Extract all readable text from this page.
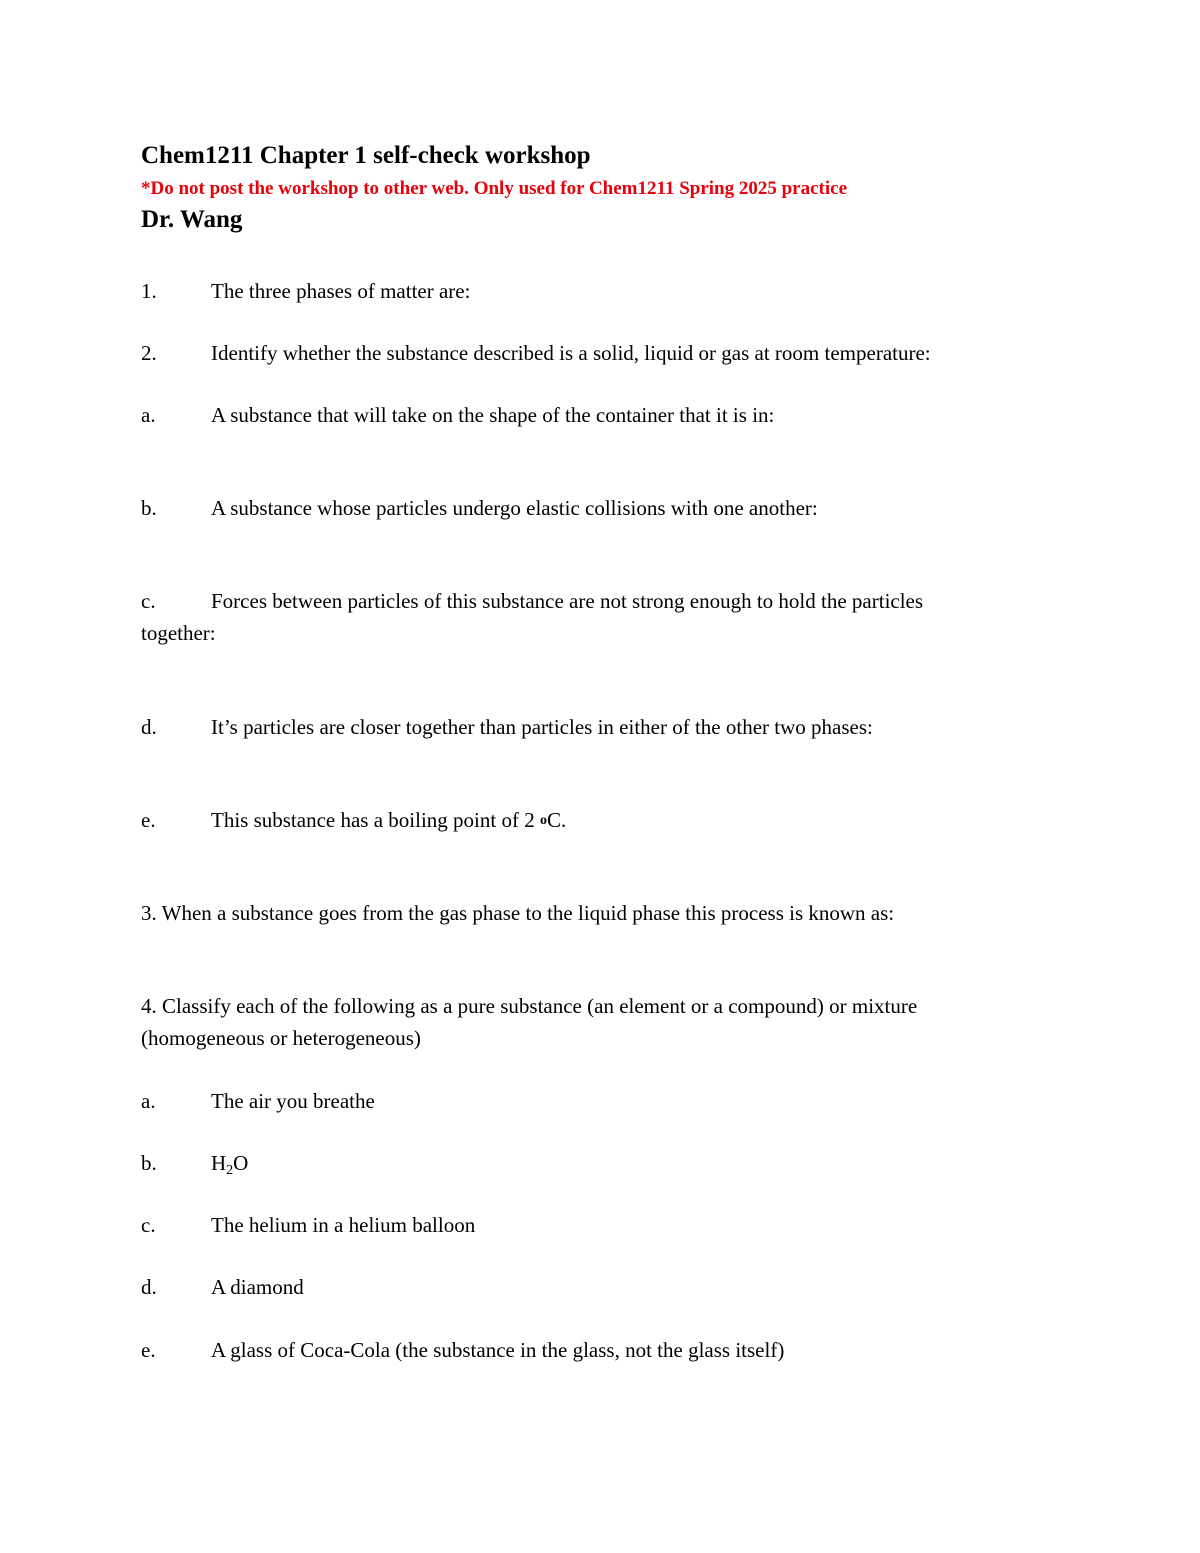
Chem1211 Chapter 1 self-check workshop
*Do not post the workshop to other web. Only used for Chem1211 Spring 2025 practice
Dr. Wang
1.	The three phases of matter are:
2.	Identify whether the substance described is a solid, liquid or gas at room temperature:
a.	A substance that will take on the shape of the container that it is in:
b.	A substance whose particles undergo elastic collisions with one another:
c.	Forces between particles of this substance are not strong enough to hold the particles
together:
d.	It’s particles are closer together than particles in either of the other two phases:
e.	This substance has a boiling point of 2 $^o$C.
3. When a substance goes from the gas phase to the liquid phase this process is known as:
4. Classify each of the following as a pure substance (an element or a compound) or mixture
(homogeneous or heterogeneous)
a.	The air you breathe
b.	$H_2O$
c.	The helium in a helium balloon
d.	A diamond
e.	A glass of Coca-Cola (the substance in the glass, not the glass itself)
